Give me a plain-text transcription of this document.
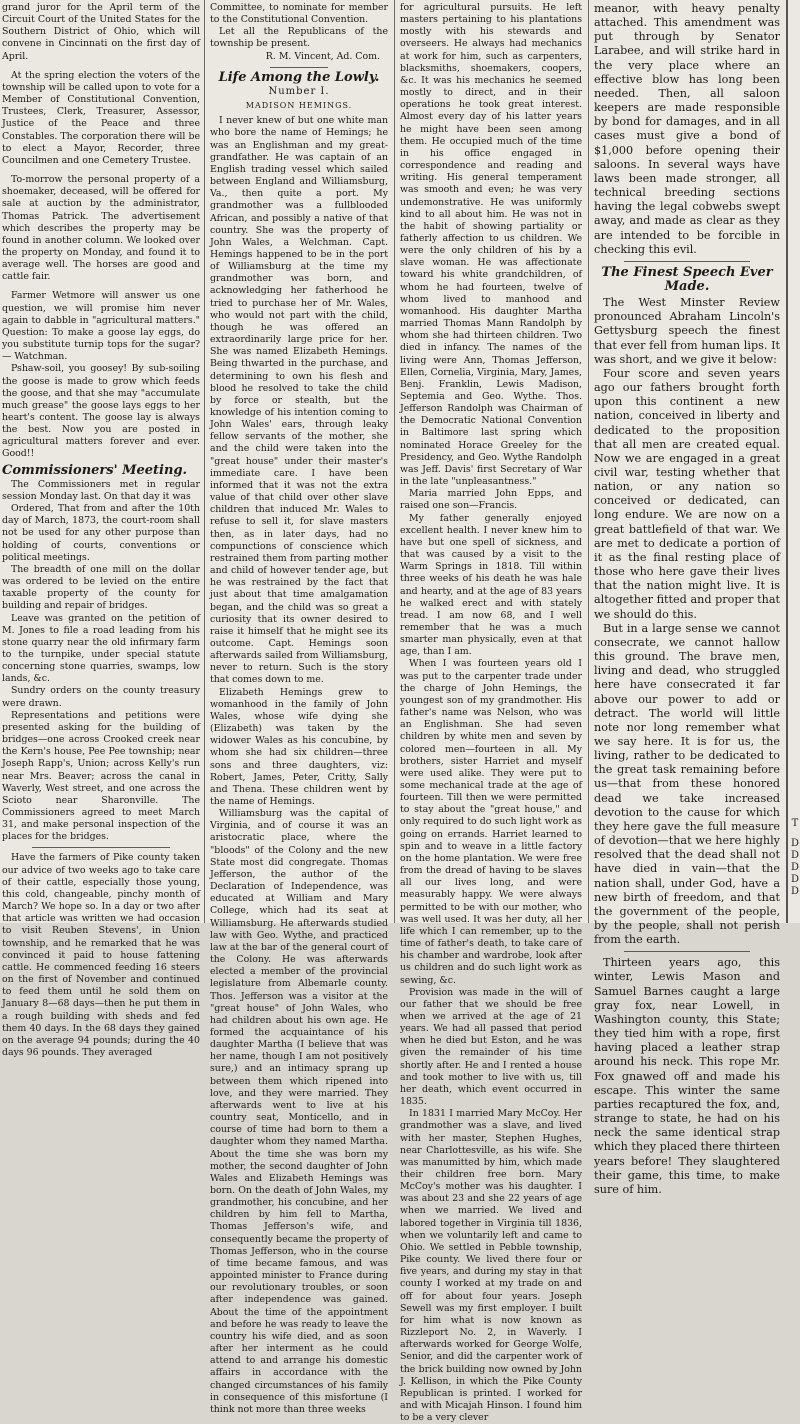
grand juror for the April term of the Circuit Court of the United States for the Southern District of Ohio, which will convene in Cincinnati on the first day of April.

At the spring election the voters of the township will be called upon to vote for a Member of Constitutional Convention, Trustees, Clerk, Treasurer, Assessor, Justice of the Peace and three Constables. The corporation there will be to elect a Mayor, Recorder, three Councilmen and one Cemetery Trustee.

To-morrow the personal property of a shoemaker, deceased, will be offered for sale at auction by the administrator, Thomas Patrick. The advertisement which describes the property may be found in another column. We looked over the property on Monday, and found it to average well. The horses are good and cattle fair.

Farmer Wetmore will answer us one question, we will promise him never again to dabble in "agricultural matters." Question: To make a goose lay eggs, do you substitute turnip tops for the sugar? — Watchman.

Pshaw-soil, you goosey! By sub-soiling the goose is made to grow which feeds the goose, and that she may "accumulate much grease" the goose lays eggs to her heart's content. The goose lay is always the best. Now you are posted in agricultural matters forever and ever. Good!!

Commissioners' Meeting.

The Commissioners met in regular session Monday last. On that day it was

Ordered, That from and after the 10th day of March, 1873, the court-room shall not be used for any other purpose than holding of courts, conventions or political meetings.

The breadth of one mill on the dollar was ordered to be levied on the entire taxable property of the county for building and repair of bridges.

Leave was granted on the petition of M. Jones to file a road leading from his stone quarry near the old infirmary farm to the turnpike, under special statute concerning stone quarries, swamps, low lands, &c.

Sundry orders on the county treasury were drawn.

Representations and petitions were presented asking for the building of bridges—one across Crooked creek near the Kern's house, Pee Pee township; near Joseph Rapp's, Union; across Kelly's run near Mrs. Beaver; across the canal in Waverly, West street, and one across the Scioto near Sharonville. The Commissioners agreed to meet March 31, and make personal inspection of the places for the bridges.

Have the farmers of Pike county taken our advice of two weeks ago to take care of their cattle, especially those young, this cold, changeable, pinchy month of March? We hope so. In a day or two after that article was written we had occasion to visit Reuben Stevens', in Union township, and he remarked that he was convinced it paid to house fattening cattle. He commenced feeding 16 steers on the first of November and continued to feed them until he sold them on January 8—68 days—then he put them in a rough building with sheds and fed them 40 days. In the 68 days they gained on the average 94 pounds; during the 40 days 96 pounds. They averaged

Committee, to nominate for member to the Constitutional Convention.

Let all the Republicans of the township be present.

R. M. Vincent, Ad. Com.

Life Among the Lowly.
Number I.
MADISON HEMINGS.

I never knew of but one white man who bore the name of Hemings; he was an Englishman and my great-grandfather. He was captain of an English trading vessel which sailed between England and Williamsburg, Va., then quite a port. My grandmother was a fullblooded African, and possibly a native of that country. She was the property of John Wales, a Welchman. Capt. Hemings happened to be in the port of Williamsburg at the time my grandmother was born, and acknowledging her fatherhood he tried to purchase her of Mr. Wales, who would not part with the child, though he was offered an extraordinarily large price for her. She was named Elizabeth Hemings. Being thwarted in the purchase, and determining to own his flesh and blood he resolved to take the child by force or stealth, but the knowledge of his intention coming to John Wales' ears, through leaky fellow servants of the mother, she and the child were taken into the "great house" under their master's immediate care. I have been informed that it was not the extra value of that child over other slave children that induced Mr. Wales to refuse to sell it, for slave masters then, as in later days, had no compunctions of conscience which restrained them from parting mother and child of however tender age, but he was restrained by the fact that just about that time amalgamation began, and the child was so great a curiosity that its owner desired to raise it himself that he might see its outcome. Capt. Hemings soon afterwards sailed from Williamsburg, never to return. Such is the story that comes down to me.

Elizabeth Hemings grew to womanhood in the family of John Wales, whose wife dying she (Elizabeth) was taken by the widower Wales as his concubine, by whom she had six children—three sons and three daughters, viz: Robert, James, Peter, Critty, Sally and Thena. These children went by the name of Hemings.

Williamsburg was the capital of Virginia, and of course it was an aristocratic place, where the "bloods" of the Colony and the new State most did congregate. Thomas Jefferson, the author of the Declaration of Independence, was educated at William and Mary College, which had its seat at Williamsburg. He afterwards studied law with Geo. Wythe, and practiced law at the bar of the general court of the Colony. He was afterwards elected a member of the provincial legislature from Albemarle county. Thos. Jefferson was a visitor at the "great house" of John Wales, who had children about his own age. He formed the acquaintance of his daughter Martha (I believe that was her name, though I am not positively sure,) and an intimacy sprang up between them which ripened into love, and they were married. They afterwards went to live at his country seat, Monticello, and in course of time had born to them a daughter whom they named Martha. About the time she was born my mother, the second daughter of John Wales and Elizabeth Hemings was born. On the death of John Wales, my grandmother, his concubine, and her children by him fell to Martha, Thomas Jefferson's wife, and consequently became the property of Thomas Jefferson, who in the course of time became famous, and was appointed minister to France during our revolutionary troubles, or soon after independence was gained. About the time of the appointment and before he was ready to leave the country his wife died, and as soon after her interment as he could attend to and arrange his domestic affairs in accordance with the changed circumstances of his family in consequence of this misfortune (I think not more than three weeks

for agricultural pursuits. He left masters pertaining to his plantations mostly with his stewards and overseers. He always had mechanics at work for him, such as carpenters, blacksmiths, shoemakers, coopers, &c. It was his mechanics he seemed mostly to direct, and in their operations he took great interest. Almost every day of his latter years he might have been seen among them. He occupied much of the time in his office engaged in correspondence and reading and writing. His general temperament was smooth and even; he was very undemonstrative. He was uniformly kind to all about him. He was not in the habit of showing partiality or fatherly affection to us children. We were the only children of his by a slave woman. He was affectionate toward his white grandchildren, of whom he had fourteen, twelve of whom lived to manhood and womanhood. His daughter Martha married Thomas Mann Randolph by whom she had thirteen children. Two died in infancy. The names of the living were Ann, Thomas Jefferson, Ellen, Cornelia, Virginia, Mary, James, Benj. Franklin, Lewis Madison, Septemia and Geo. Wythe. Thos. Jefferson Randolph was Chairman of the Democratic National Convention in Baltimore last spring which nominated Horace Greeley for the Presidency, and Geo. Wythe Randolph was Jeff. Davis' first Secretary of War in the late "unpleasantness."

Maria married John Epps, and raised one son—Francis.

My father generally enjoyed excellent health. I never knew him to have but one spell of sickness, and that was caused by a visit to the Warm Springs in 1818. Till within three weeks of his death he was hale and hearty, and at the age of 83 years he walked erect and with stately tread. I am now 68, and I well remember that he was a much smarter man physically, even at that age, than I am.

When I was fourteen years old I was put to the carpenter trade under the charge of John Hemings, the youngest son of my grandmother. His father's name was Nelson, who was an Englishman. She had seven children by white men and seven by colored men—fourteen in all. My brothers, sister Harriet and myself were used alike. They were put to some mechanical trade at the age of fourteen. Till then we were permitted to stay about the "great house," and only required to do such light work as going on errands. Harriet learned to spin and to weave in a little factory on the home plantation. We were free from the dread of having to be slaves all our lives long, and were measurably happy. We were always permitted to be with our mother, who was well used. It was her duty, all her life which I can remember, up to the time of father's death, to take care of his chamber and wardrobe, look after us children and do such light work as sewing, &c.

Provision was made in the will of our father that we should be free when we arrived at the age of 21 years. We had all passed that period when he died but Eston, and he was given the remainder of his time shortly after. He and I rented a house and took mother to live with us, till her death, which event occurred in 1835.

In 1831 I married Mary McCoy. Her grandmother was a slave, and lived with her master, Stephen Hughes, near Charlottesville, as his wife. She was manumitted by him, which made their children free born. Mary McCoy's mother was his daughter. I was about 23 and she 22 years of age when we married. We lived and labored together in Virginia till 1836, when we voluntarily left and came to Ohio. We settled in Pebble township, Pike county. We lived there four or five years, and during my stay in that county I worked at my trade on and off for about four years. Joseph Sewell was my first employer. I built for him what is now known as Rizzleport No. 2, in Waverly. I afterwards worked for George Wolfe, Senior, and did the carpenter work of the brick building now owned by John J. Kellison, in which the Pike County Republican is printed. I worked for and with Micajah Hinson. I found him to be a very clever

meanor, with heavy penalty attached. This amendment was put through by Senator Larabee, and will strike hard in the very place where an effective blow has long been needed. Then, all saloon keepers are made responsible by bond for damages, and in all cases must give a bond of $1,000 before opening their saloons. In several ways have laws been made stronger, all technical breeding sections having the legal cobwebs swept away, and made as clear as they are intended to be forcible in checking this evil.

The Finest Speech Ever Made.

The West Minster Review pronounced Abraham Lincoln's Gettysburg speech the finest that ever fell from human lips. It was short, and we give it below:

Four score and seven years ago our fathers brought forth upon this continent a new nation, conceived in liberty and dedicated to the proposition that all men are created equal. Now we are engaged in a great civil war, testing whether that nation, or any nation so conceived or dedicated, can long endure. We are now on a great battlefield of that war. We are met to dedicate a portion of it as the final resting place of those who here gave their lives that the nation might live. It is altogether fitted and proper that we should do this.

But in a large sense we cannot consecrate, we cannot hallow this ground. The brave men, living and dead, who struggled here have consecrated it far above our power to add or detract. The world will little note nor long remember what we say here. It is for us, the living, rather to be dedicated to the great task remaining before us—that from these honored dead we take increased devotion to the cause for which they here gave the full measure of devotion—that we here highly resolved that the dead shall not have died in vain—that the nation shall, under God, have a new birth of freedom, and that the government of the people, by the people, shall not perish from the earth.

Thirteen years ago, this winter, Lewis Mason and Samuel Barnes caught a large gray fox, near Lowell, in Washington county, this State; they tied him with a rope, first having placed a leather strap around his neck. This rope Mr. Fox gnawed off and made his escape. This winter the same parties recaptured the fox, and, strange to state, he had on his neck the same identical strap which they placed there thirteen years before! They slaughtered their game, this time, to make sure of him.

T
D
D
D
D
D
